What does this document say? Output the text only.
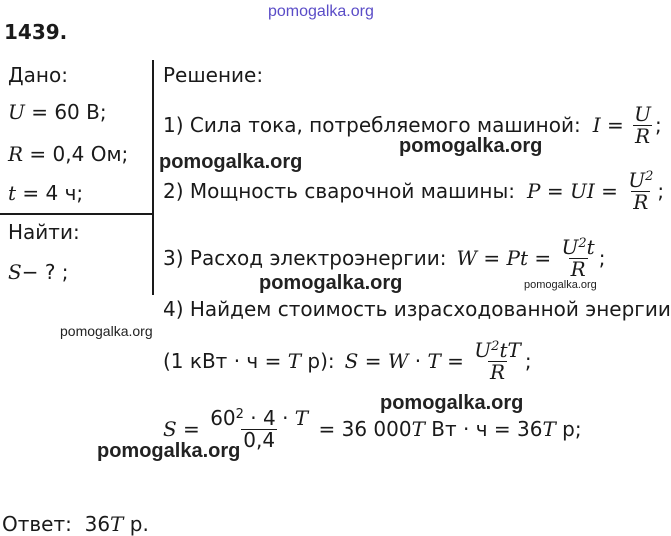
pomogalka.org
pomogalka.org
pomogalka.org
pomogalka.org	pomogalka.org
pomogalka.org
pomogalka.org
pomogalka.org
1439.
Дано:
U = 60 В;
R = 0,4 Ом;
t = 4 ч;
Найти:
S− ? ;
Решение:
1) Сила тока, потребляемого машиной: $I = \frac{U}{R}$ ;
2) Мощность сварочной машины: P = UI = $\frac{U^2}{R}$ ;
3) Расход электроэнергии: $W = Pt = \frac{U^2t}{R}$ ;
4) Найдем стоимость израсходованной энергии
(1 кВт · ч = T р): $S = W \cdot T = \frac{U^2tT}{R}$ ;
$S = \frac{60^2 \cdot 4 \cdot T}{0,4} = 36$ 000 T Вт · ч = 36 T р;
Ответ:  36T р.
